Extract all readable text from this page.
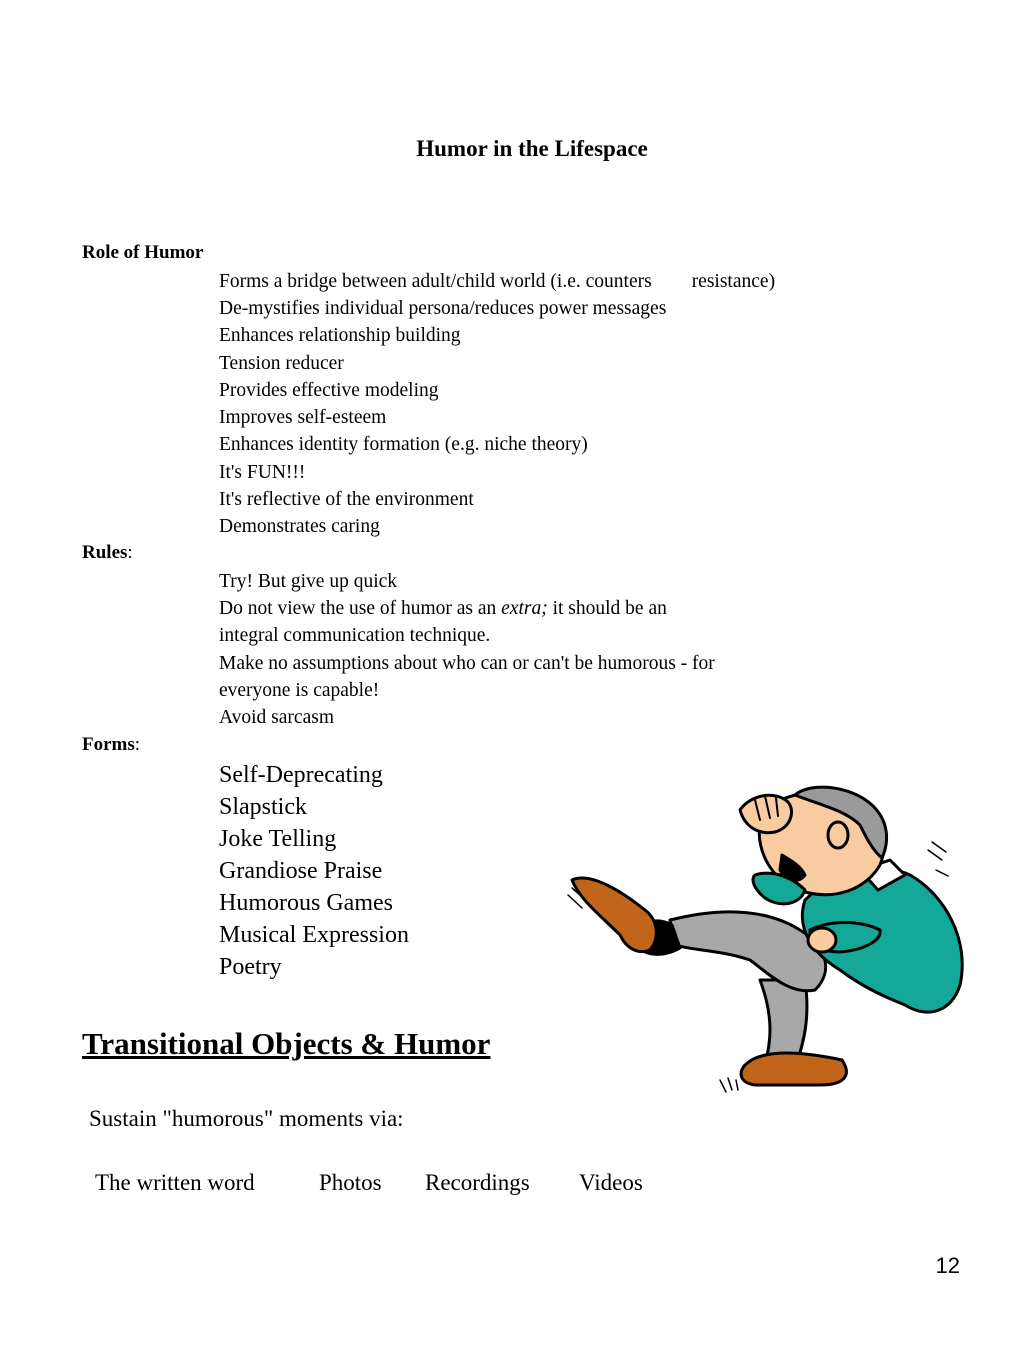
Humor in the Lifespace
Role of Humor
Forms a bridge between adult/child world (i.e. counters resistance)
De-mystifies individual persona/reduces power messages
Enhances relationship building
Tension reducer
Provides effective modeling
Improves self-esteem
Enhances identity formation (e.g. niche theory)
It's FUN!!!
It's reflective of the environment
Demonstrates caring
Rules:
Try! But give up quick
Do not view the use of humor as an extra; it should be an
integral communication technique.
Make no assumptions about who can or can't be humorous - for
everyone is capable!
Avoid sarcasm
Forms:
Self-Deprecating
Slapstick
Joke Telling
Grandiose Praise
Humorous Games
Musical Expression
Poetry
Transitional Objects & Humor
Sustain "humorous" moments via:
The written word	Photos Recordings Videos
12
